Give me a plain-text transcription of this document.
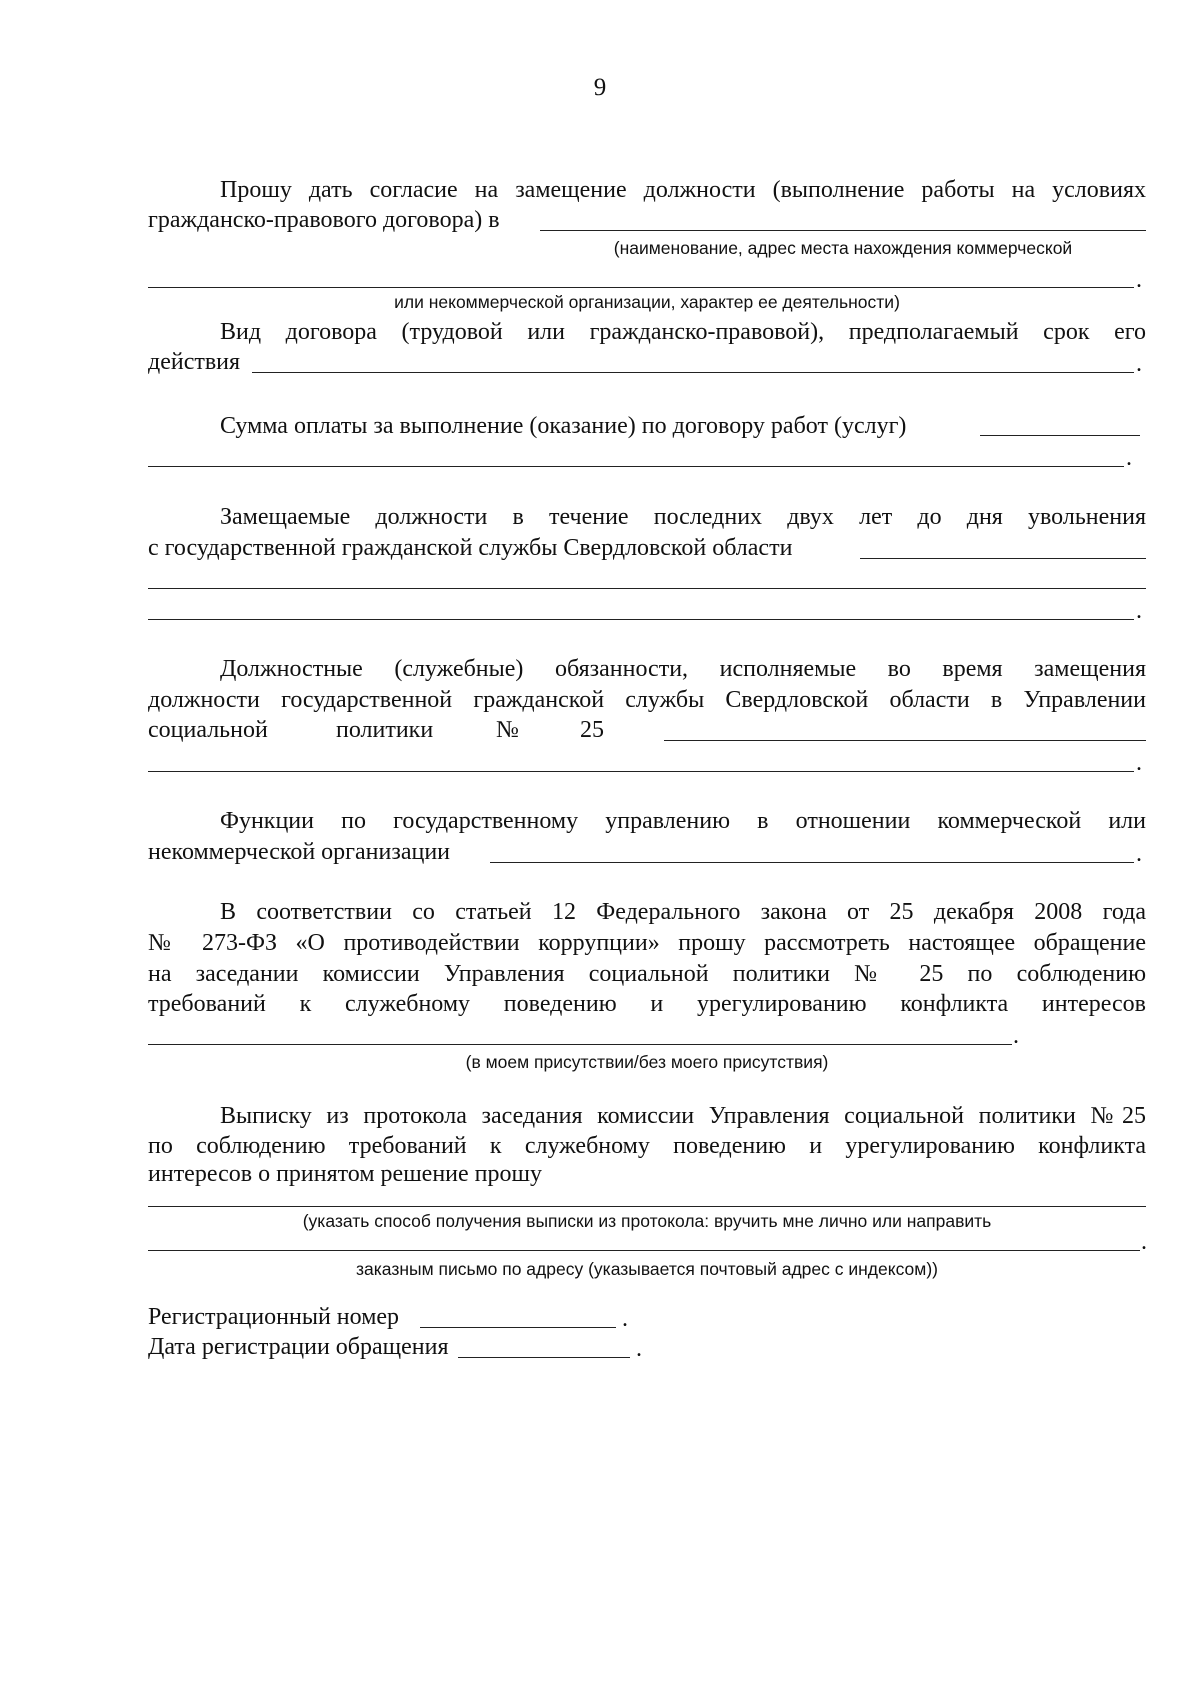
9
Прошу дать согласие на замещение должности (выполнение работы на условиях
гражданско-правового договора) в
(наименование, адрес места нахождения коммерческой
.
или некоммерческой организации, характер ее деятельности)
Вид договора (трудовой или гражданско-правовой), предполагаемый срок его
действия	.
Сумма оплаты за выполнение (оказание) по договору работ (услуг)
.
Замещаемые должности в течение последних двух лет до дня увольнения
с государственной гражданской службы Свердловской области
.
Должностные (служебные) обязанности, исполняемые во время замещения
должности государственной гражданской службы Свердловской области в Управлении
социальной	политики	№	25
.
Функции по государственному управлению в отношении коммерческой или
некоммерческой организации	.
В соответствии со статьей 12 Федерального закона от 25 декабря 2008 года
№ 273-ФЗ «О противодействии коррупции» прошу рассмотреть настоящее обращение
на заседании комиссии Управления социальной политики № 25 по соблюдению
требований к служебному поведению и урегулированию конфликта интересов
.
(в моем присутствии/без моего присутствия)
Выписку из протокола заседания комиссии Управления социальной политики №25
по соблюдению требований к служебному поведению и урегулированию конфликта
интересов о принятом решение прошу
(указать способ получения выписки из протокола: вручить мне лично или направить
.
заказным письмо по адресу (указывается почтовый адрес с индексом))
Регистрационный номер	.
Дата регистрации обращения	.
